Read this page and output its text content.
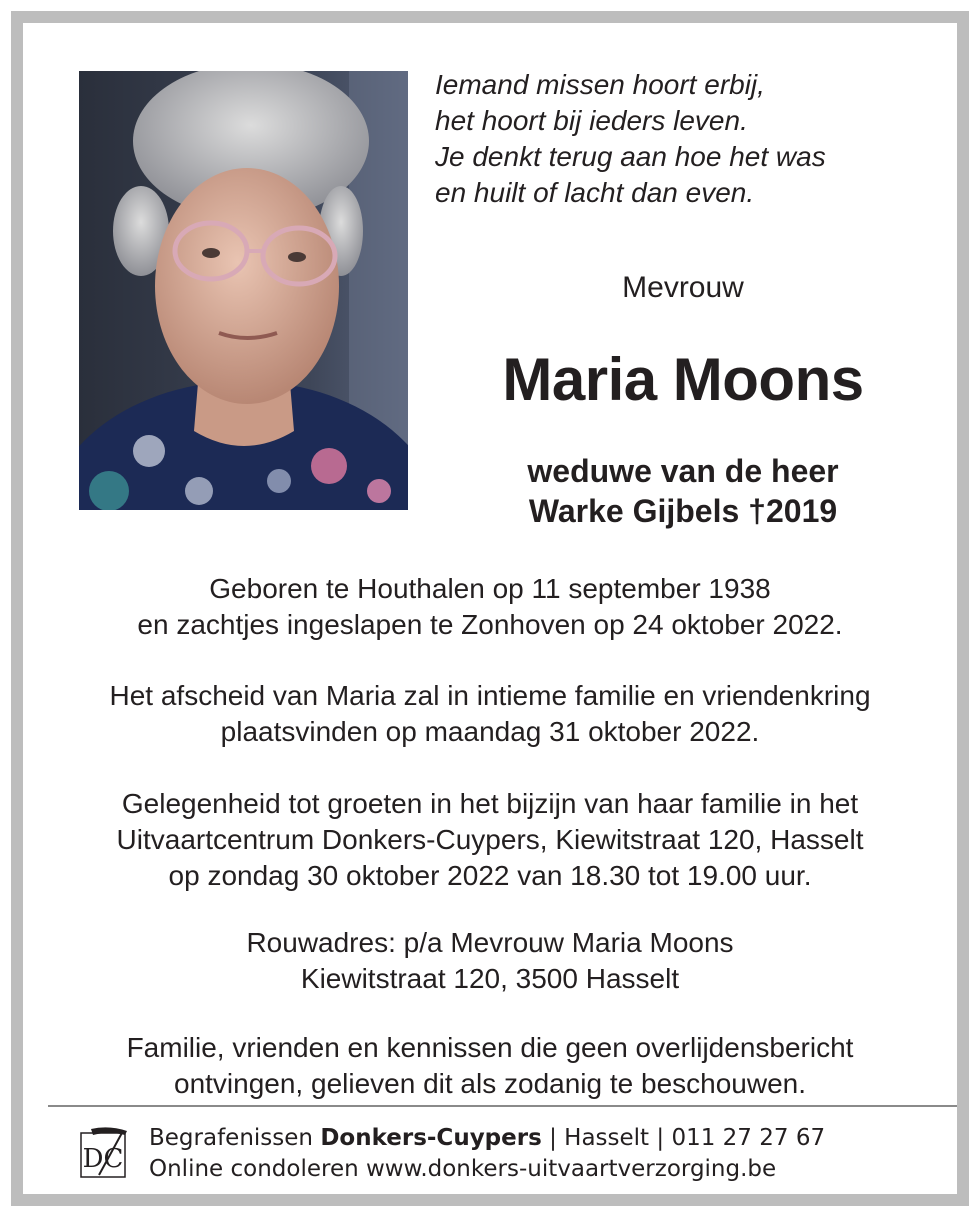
Iemand missen hoort erbij,
het hoort bij ieders leven.
Je denkt terug aan hoe het was
en huilt of lacht dan even.
Mevrouw
Maria Moons
weduwe van de heer
Warke Gijbels †2019
Geboren te Houthalen op 11 september 1938
en zachtjes ingeslapen te Zonhoven op 24 oktober 2022.
Het afscheid van Maria zal in intieme familie en vriendenkring
plaatsvinden op maandag 31 oktober 2022.
Gelegenheid tot groeten in het bijzijn van haar familie in het
Uitvaartcentrum Donkers-Cuypers, Kiewitstraat 120, Hasselt
op zondag 30 oktober 2022 van 18.30 tot 19.00 uur.
Rouwadres: p/a Mevrouw Maria Moons
Kiewitstraat 120, 3500 Hasselt
Familie, vrienden en kennissen die geen overlijdensbericht
ontvingen, gelieven dit als zodanig te beschouwen.
DC
Begrafenissen Donkers-Cuypers | Hasselt | 011 27 27 67
Online condoleren www.donkers-uitvaartverzorging.be
